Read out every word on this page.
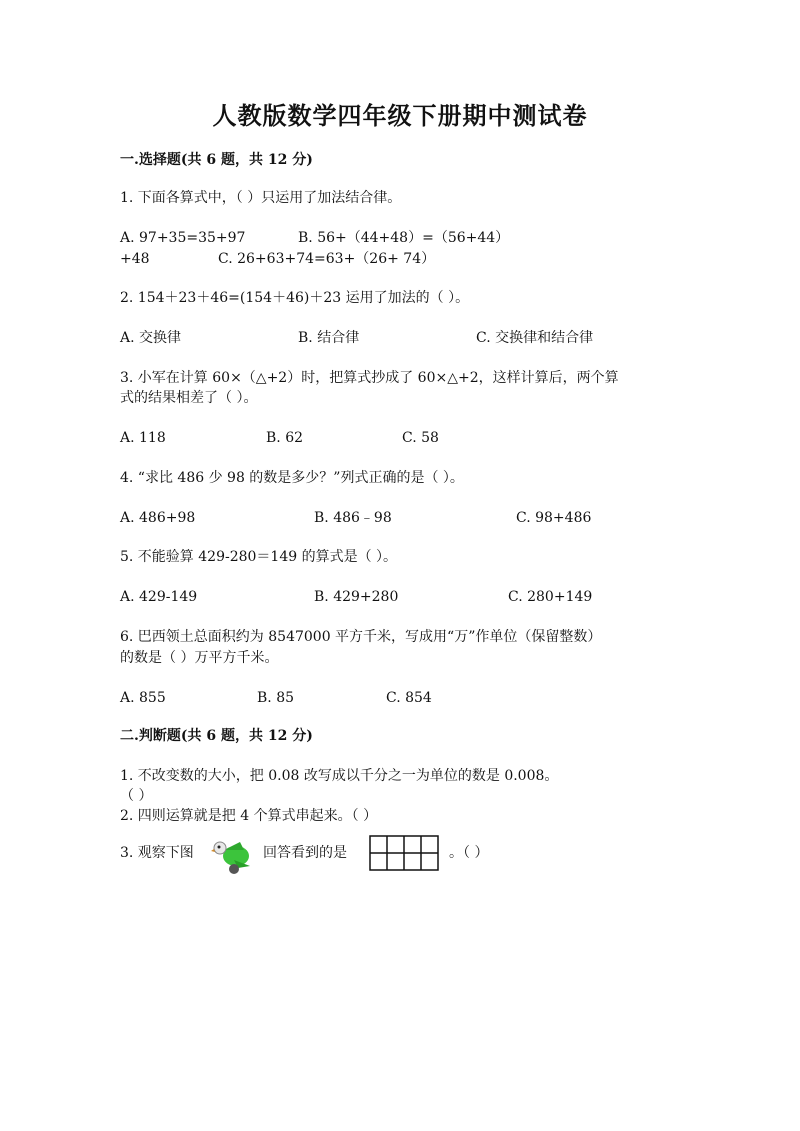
人教版数学四年级下册期中测试卷
一.选择题(共 6 题，共 12 分)
1. 下面各算式中，（ ）只运用了加法结合律。
A. 97+35=35+97	B. 56+（44+48）=（56+44）
+48	C. 26+63+74=63+（26+ 74）
2. 154＋23＋46=(154＋46)＋23 运用了加法的（ ）。
A. 交换律	B. 结合律	C. 交换律和结合律
3. 小军在计算 60×（△+2）时，把算式抄成了 60×△+2，这样计算后，两个算
式的结果相差了（ ）。
A. 118	B. 62	C. 58
4. “求比 486 少 98 的数是多少？”列式正确的是（ ）。
A. 486+98	B. 486﹣98	C. 98+486
5. 不能验算 429-280＝149 的算式是（ ）。
A. 429-149	B. 429+280	C. 280+149
6. 巴西领土总面积约为 8547000 平方千米，写成用“万”作单位（保留整数）
的数是（ ）万平方千米。
A. 855	B. 85	C. 854
二.判断题(共 6 题，共 12 分)
1. 不改变数的大小，把 0.08 改写成以千分之一为单位的数是 0.008。
（ ）
2. 四则运算就是把 4 个算式串起来。（ ）
3. 观察下图	回答看到的是	。（ ）
